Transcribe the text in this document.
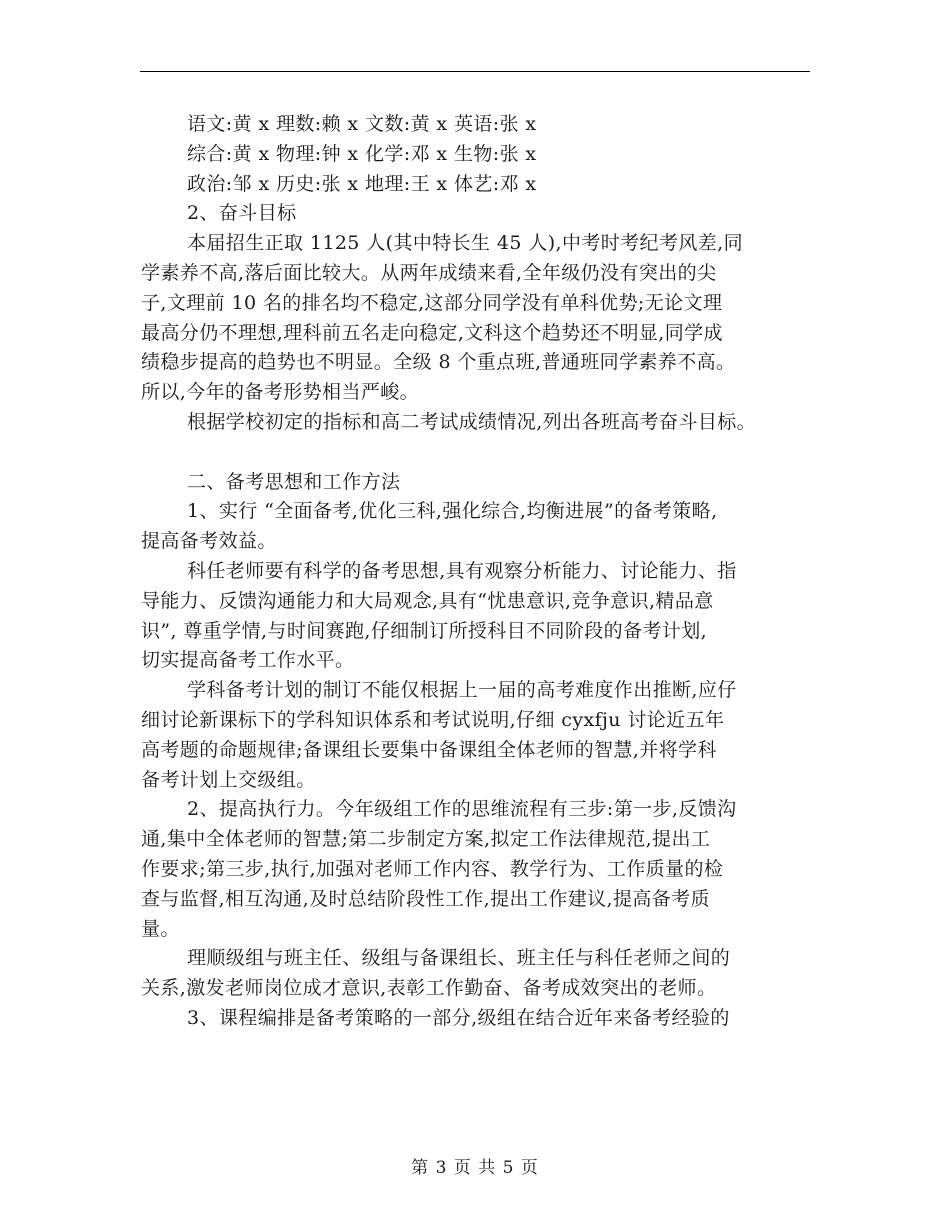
语文:黄 x 理数:赖 x 文数:黄 x 英语:张 x
综合:黄 x 物理:钟 x 化学:邓 x 生物:张 x
政治:邹 x 历史:张 x 地理:王 x 体艺:邓 x
2、奋斗目标
本届招生正取 1125 人(其中特长生 45 人),中考时考纪考风差,同
学素养不高,落后面比较大。从两年成绩来看,全年级仍没有突出的尖
子,文理前 10 名的排名均不稳定,这部分同学没有单科优势;无论文理
最高分仍不理想,理科前五名走向稳定,文科这个趋势还不明显,同学成
绩稳步提高的趋势也不明显。全级 8 个重点班,普通班同学素养不高。
所以,今年的备考形势相当严峻。
根据学校初定的指标和高二考试成绩情况,列出各班高考奋斗目标。
二、备考思想和工作方法
1、实行 “全面备考,优化三科,强化综合,均衡进展”的备考策略,
提高备考效益。
科任老师要有科学的备考思想,具有观察分析能力、讨论能力、指
导能力、反馈沟通能力和大局观念,具有“忧患意识,竞争意识,精品意
识”, 尊重学情,与时间赛跑,仔细制订所授科目不同阶段的备考计划,
切实提高备考工作水平。
学科备考计划的制订不能仅根据上一届的高考难度作出推断,应仔
细讨论新课标下的学科知识体系和考试说明,仔细 cyxfju 讨论近五年
高考题的命题规律;备课组长要集中备课组全体老师的智慧,并将学科
备考计划上交级组。
2、提高执行力。今年级组工作的思维流程有三步:第一步,反馈沟
通,集中全体老师的智慧;第二步制定方案,拟定工作法律规范,提出工
作要求;第三步,执行,加强对老师工作内容、教学行为、工作质量的检
查与监督,相互沟通,及时总结阶段性工作,提出工作建议,提高备考质
量。
理顺级组与班主任、级组与备课组长、班主任与科任老师之间的
关系,激发老师岗位成才意识,表彰工作勤奋、备考成效突出的老师。
3、课程编排是备考策略的一部分,级组在结合近年来备考经验的
第 3 页 共 5 页
